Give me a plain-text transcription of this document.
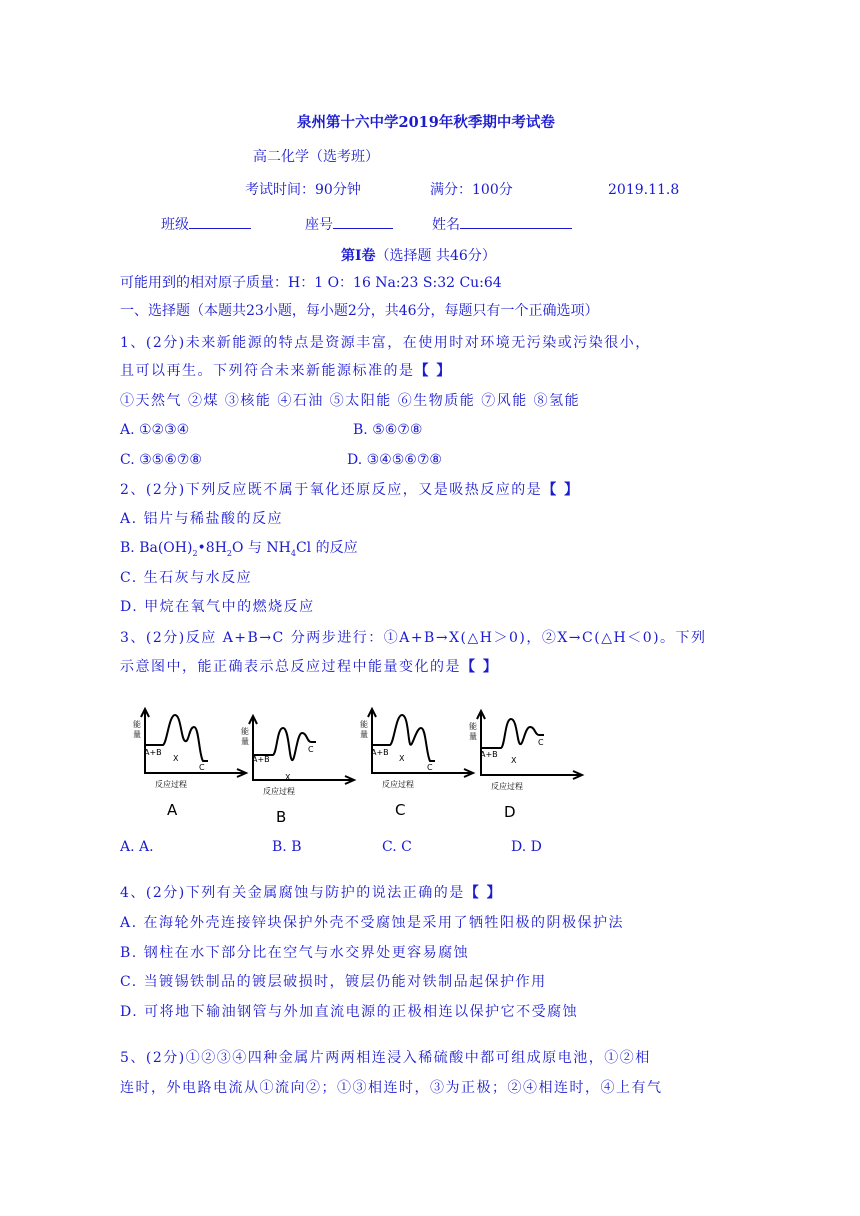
泉州第十六中学2019年秋季期中考试卷
高二化学（选考班）
考试时间：90分钟	满分：100分	2019.11.8
班级	座号	姓名
第Ⅰ卷（选择题 共46分）
可能用到的相对原子质量：H：1 O：16 Na:23 S:32 Cu:64
一、选择题（本题共23小题，每小题2分，共46分，每题只有一个正确选项）
1、(2分)未来新能源的特点是资源丰富，在使用时对环境无污染或污染很小，
且可以再生。下列符合未来新能源标准的是【 】
①天然气 ②煤 ③核能 ④石油 ⑤太阳能 ⑥生物质能 ⑦风能 ⑧氢能
A. ①②③④	B. ⑤⑥⑦⑧
C. ③⑤⑥⑦⑧	D. ③④⑤⑥⑦⑧
2、(2分)下列反应既不属于氧化还原反应，又是吸热反应的是【 】
A. 铝片与稀盐酸的反应
B. $Ba(OH)_2•8H_2O$ 与 $NH_4Cl$ 的反应
C. 生石灰与水反应
D. 甲烷在氧气中的燃烧反应
3、(2分)反应 A+B→C 分两步进行：①A+B→X(△H＞0)，②X→C(△H＜0)。下列
示意图中，能正确表示总反应过程中能量变化的是【 】
能
量
A+B
X
C
反应过程
A
能
量
A+B
X
C
反应过程
B
能
量
A+B
X
C
反应过程
C
能
量
A+B
X
C
反应过程
D
A. A.	B. B	C. C	D. D
4、(2分)下列有关金属腐蚀与防护的说法正确的是【 】
A. 在海轮外壳连接锌块保护外壳不受腐蚀是采用了牺牲阳极的阴极保护法
B. 钢柱在水下部分比在空气与水交界处更容易腐蚀
C. 当镀锡铁制品的镀层破损时，镀层仍能对铁制品起保护作用
D. 可将地下输油钢管与外加直流电源的正极相连以保护它不受腐蚀
5、(2分)①②③④四种金属片两两相连浸入稀硫酸中都可组成原电池，①②相
连时，外电路电流从①流向②；①③相连时，③为正极；②④相连时，④上有气
